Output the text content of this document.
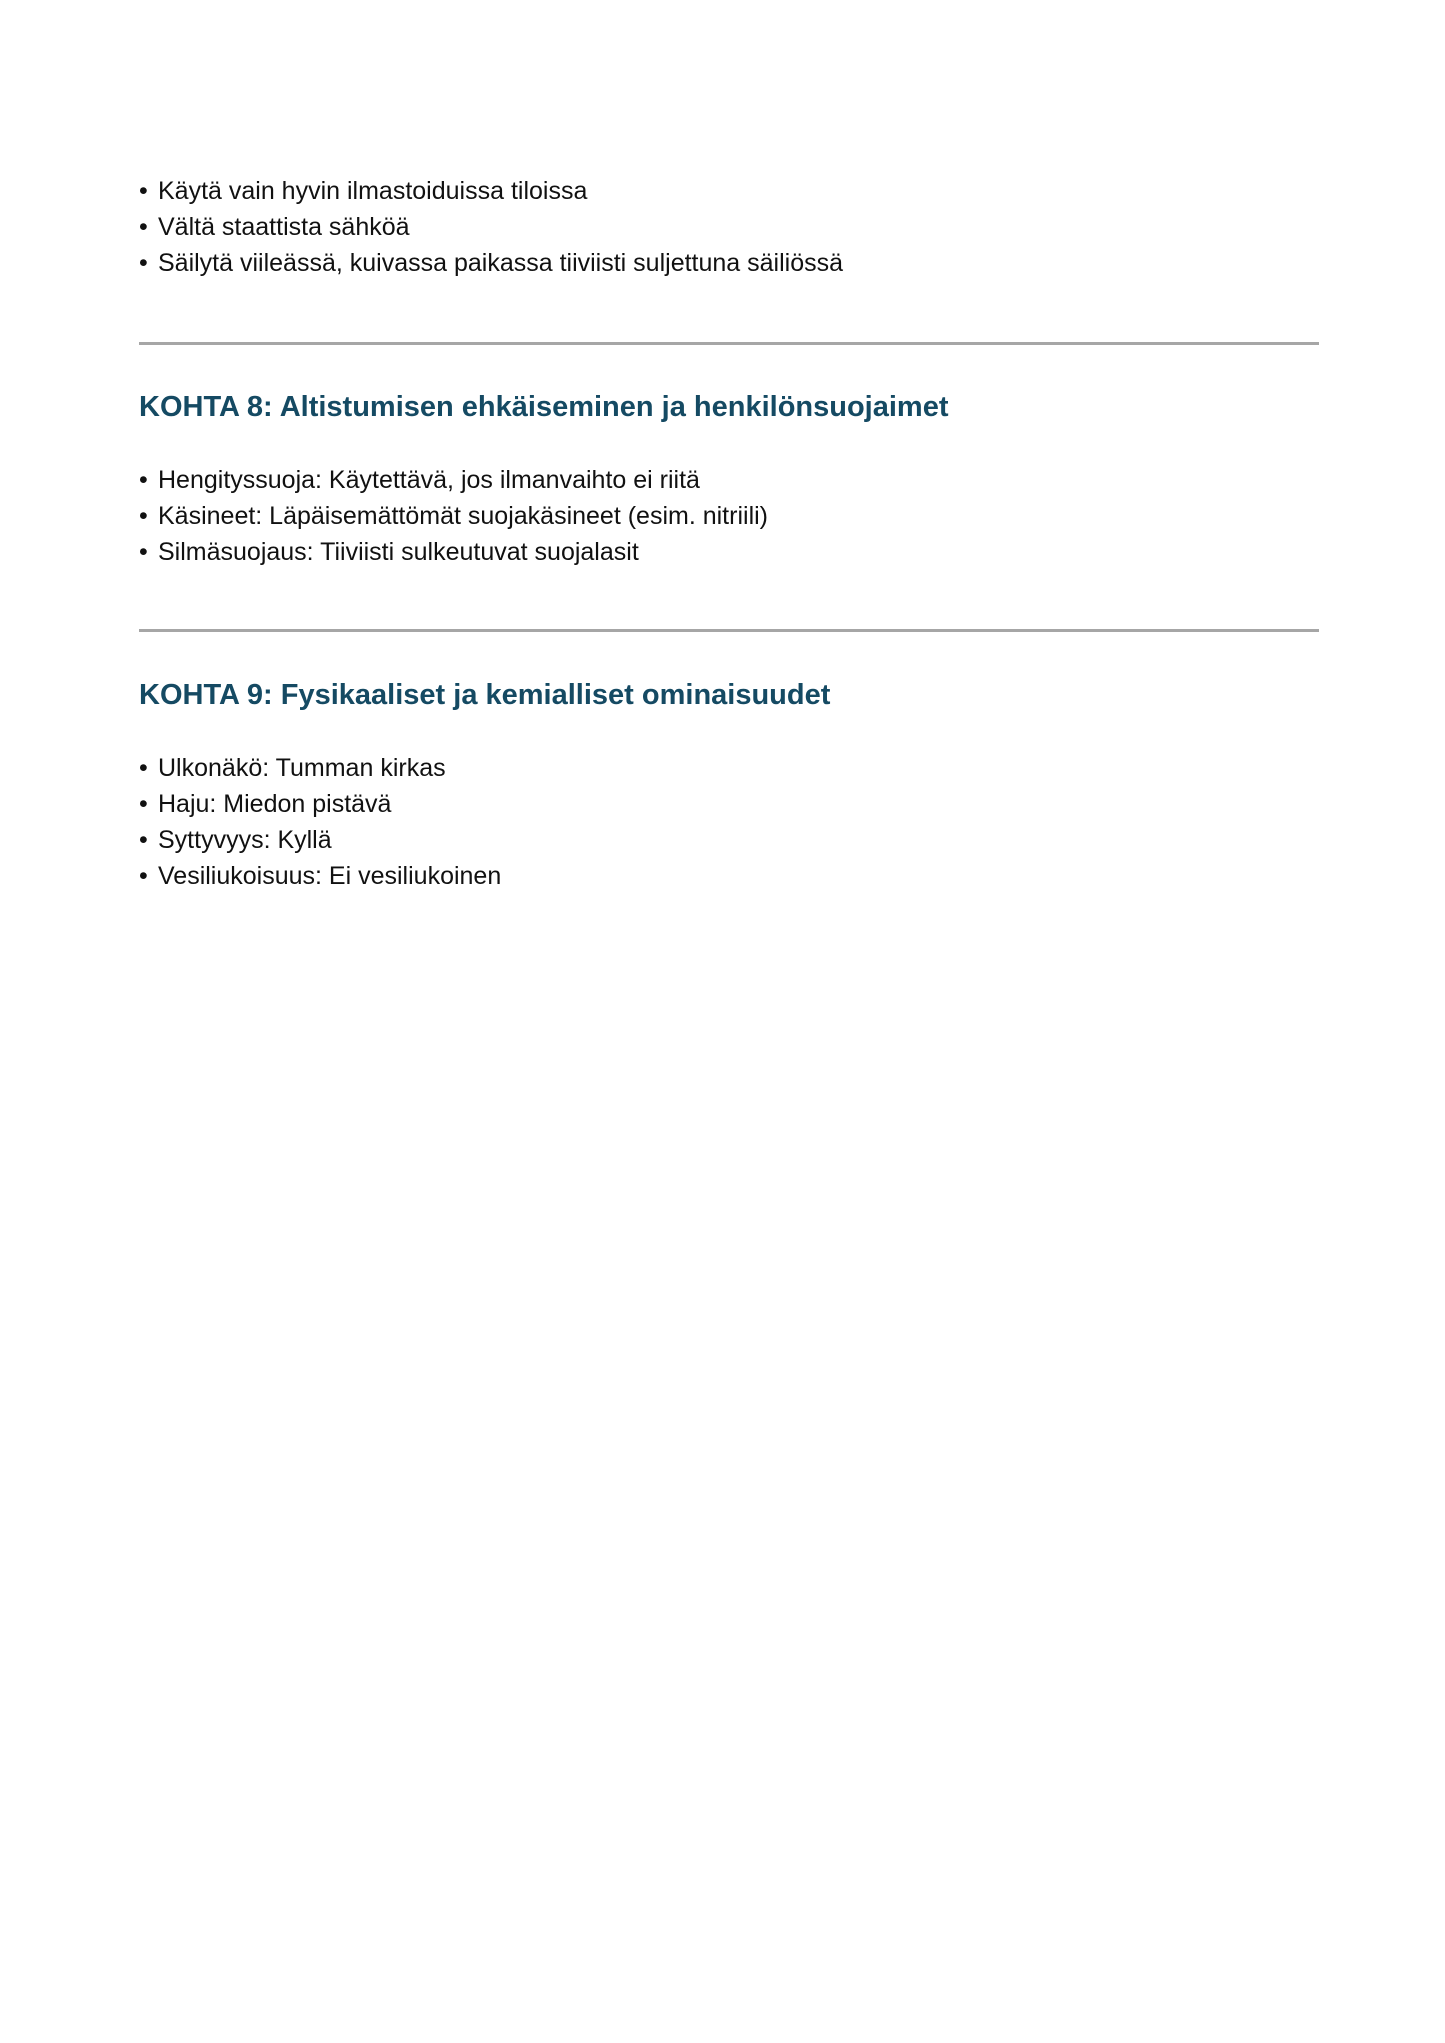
• Käytä vain hyvin ilmastoiduissa tiloissa
• Vältä staattista sähköä
• Säilytä viileässä, kuivassa paikassa tiiviisti suljettuna säiliössä
KOHTA 8: Altistumisen ehkäiseminen ja henkilönsuojaimet
• Hengityssuoja: Käytettävä, jos ilmanvaihto ei riitä
• Käsineet: Läpäisemättömät suojakäsineet (esim. nitriili)
• Silmäsuojaus: Tiiviisti sulkeutuvat suojalasit
KOHTA 9: Fysikaaliset ja kemialliset ominaisuudet
• Ulkonäkö: Tumman kirkas
• Haju: Miedon pistävä
• Syttyvyys: Kyllä
• Vesiliukoisuus: Ei vesiliukoinen
